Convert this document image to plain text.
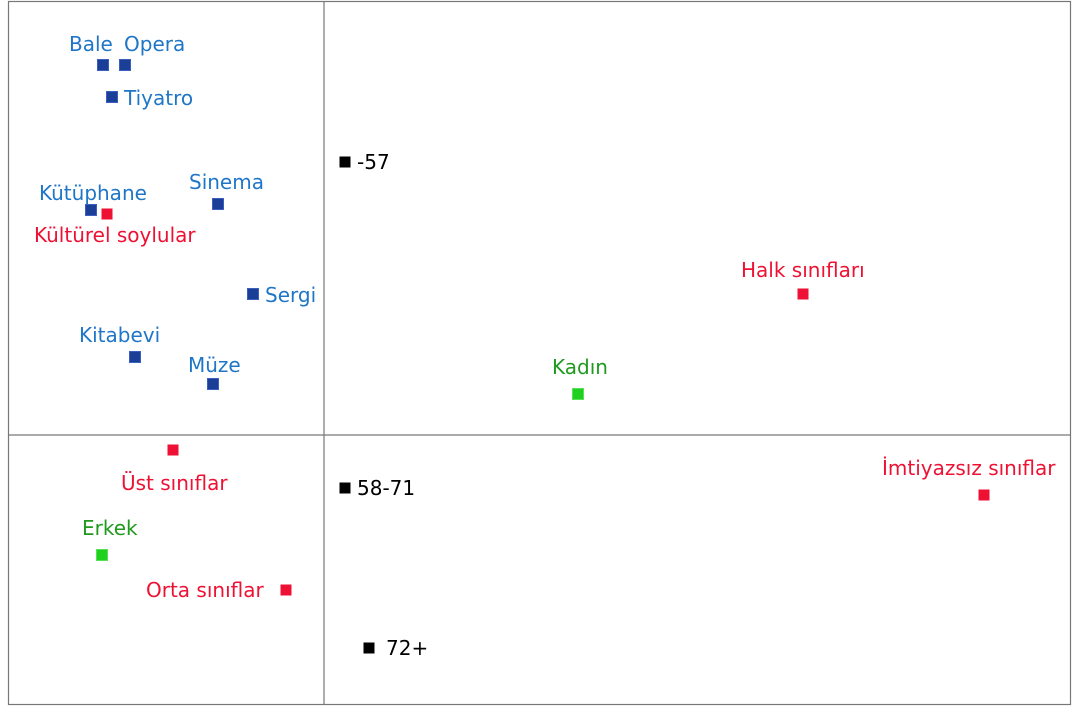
Bale Opera
Tiyatro
Sinema
Kütüphane
Kültürel soylular
Sergi
Kitabevi
Müze
-57
Halk sınıfları
Kadın
Üst sınıflar	58-71
İmtiyazsız sınıflar
Erkek
Orta sınıflar
72+
